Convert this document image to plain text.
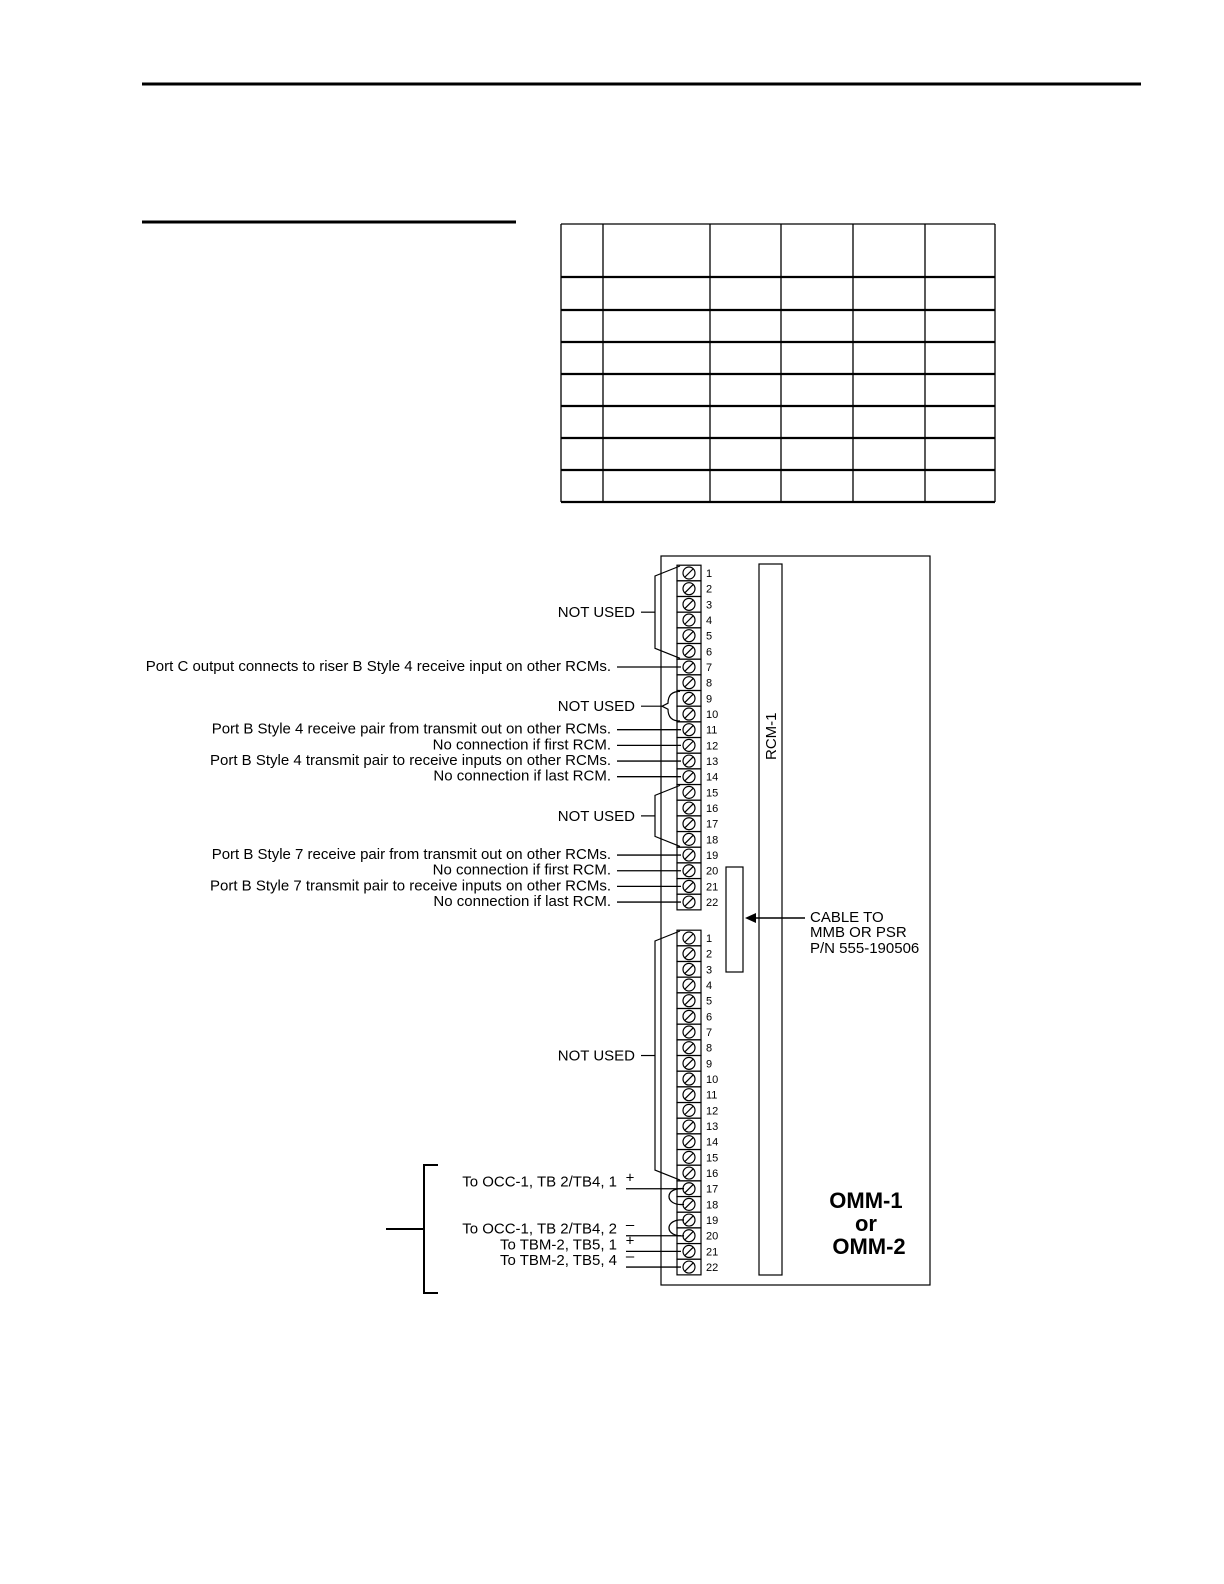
RCM-1
CABLE TO MMB OR PSR P/N 555-190506
OMM-1 or OMM-2
1
2
3
4
5
6
7
8
9
10
11
12
13
14
15
16
17
18
19
20
21
22
1
2
3
4
5
6
7
8
9
10
11
12
13
14
15
16
17
18
19
20
21
22
Port C output connects to riser B Style 4 receive input on other RCMs.
Port B Style 4 receive pair from transmit out on other RCMs.
No connection if first RCM.
Port B Style 4 transmit pair to receive inputs on other RCMs.
No connection if last RCM.
Port B Style 7 receive pair from transmit out on other RCMs.
No connection if first RCM.
Port B Style 7 transmit pair to receive inputs on other RCMs.
No connection if last RCM.
To OCC-1, TB 2/TB4, 1 +
To OCC-1, TB 2/TB4, 2 –
To TBM-2, TB5, 1 +
To TBM-2, TB5, 4 –
NOT USED
NOT USED
NOT USED
NOT USED
